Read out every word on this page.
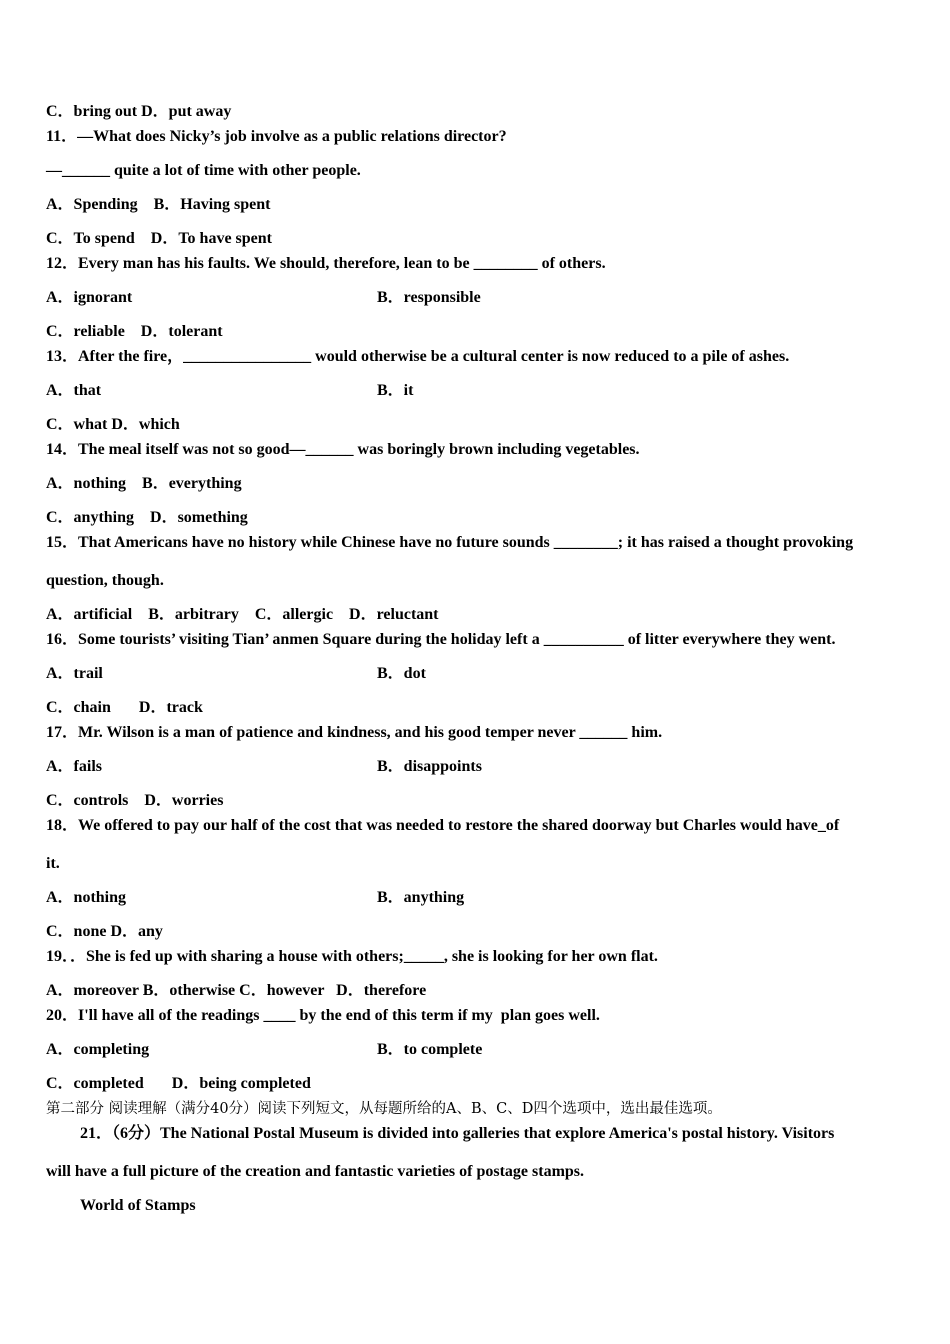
C．bring out D．put away
11．—What does Nicky’s job involve as a public relations director?
—______ quite a lot of time with other people.
A．Spending    B．Having spent
C．To spend    D．To have spent
12．Every man has his faults. We should, therefore, lean to be ________ of others.
A．ignorant	B．responsible
C．reliable    D．tolerant
13．After the fire，________________ would otherwise be a cultural center is now reduced to a pile of ashes.
A．that	B．it
C．what D．which
14．The meal itself was not so good—______ was boringly brown including vegetables.
A．nothing    B．everything
C．anything    D．something
15．That Americans have no history while Chinese have no future sounds ________; it has raised a thought provoking
question, though.
A．artificial    B．arbitrary    C．allergic    D．reluctant
16．Some tourists’ visiting Tian’ anmen Square during the holiday left a __________ of litter everywhere they went.
A．trail	B．dot
C．chain       D．track
17．Mr. Wilson is a man of patience and kindness, and his good temper never ______ him.
A．fails	B．disappoints
C．controls    D．worries
18．We offered to pay our half of the cost that was needed to restore the shared doorway but Charles would have_of
it.
A．nothing	B．anything
C．none D．any
19．．She is fed up with sharing a house with others;_____, she is looking for her own flat.
A．moreover B．otherwise C．however   D．therefore
20．I'll have all of the readings ____ by the end of this term if my  plan goes well.
A．completing	B．to complete
C．completed       D．being completed
第二部分 阅读理解（满分40分）阅读下列短文，从每题所给的A、B、C、D四个选项中，选出最佳选项。
21．（6分）The National Postal Museum is divided into galleries that explore America's postal history. Visitors
will have a full picture of the creation and fantastic varieties of postage stamps.
World of Stamps
